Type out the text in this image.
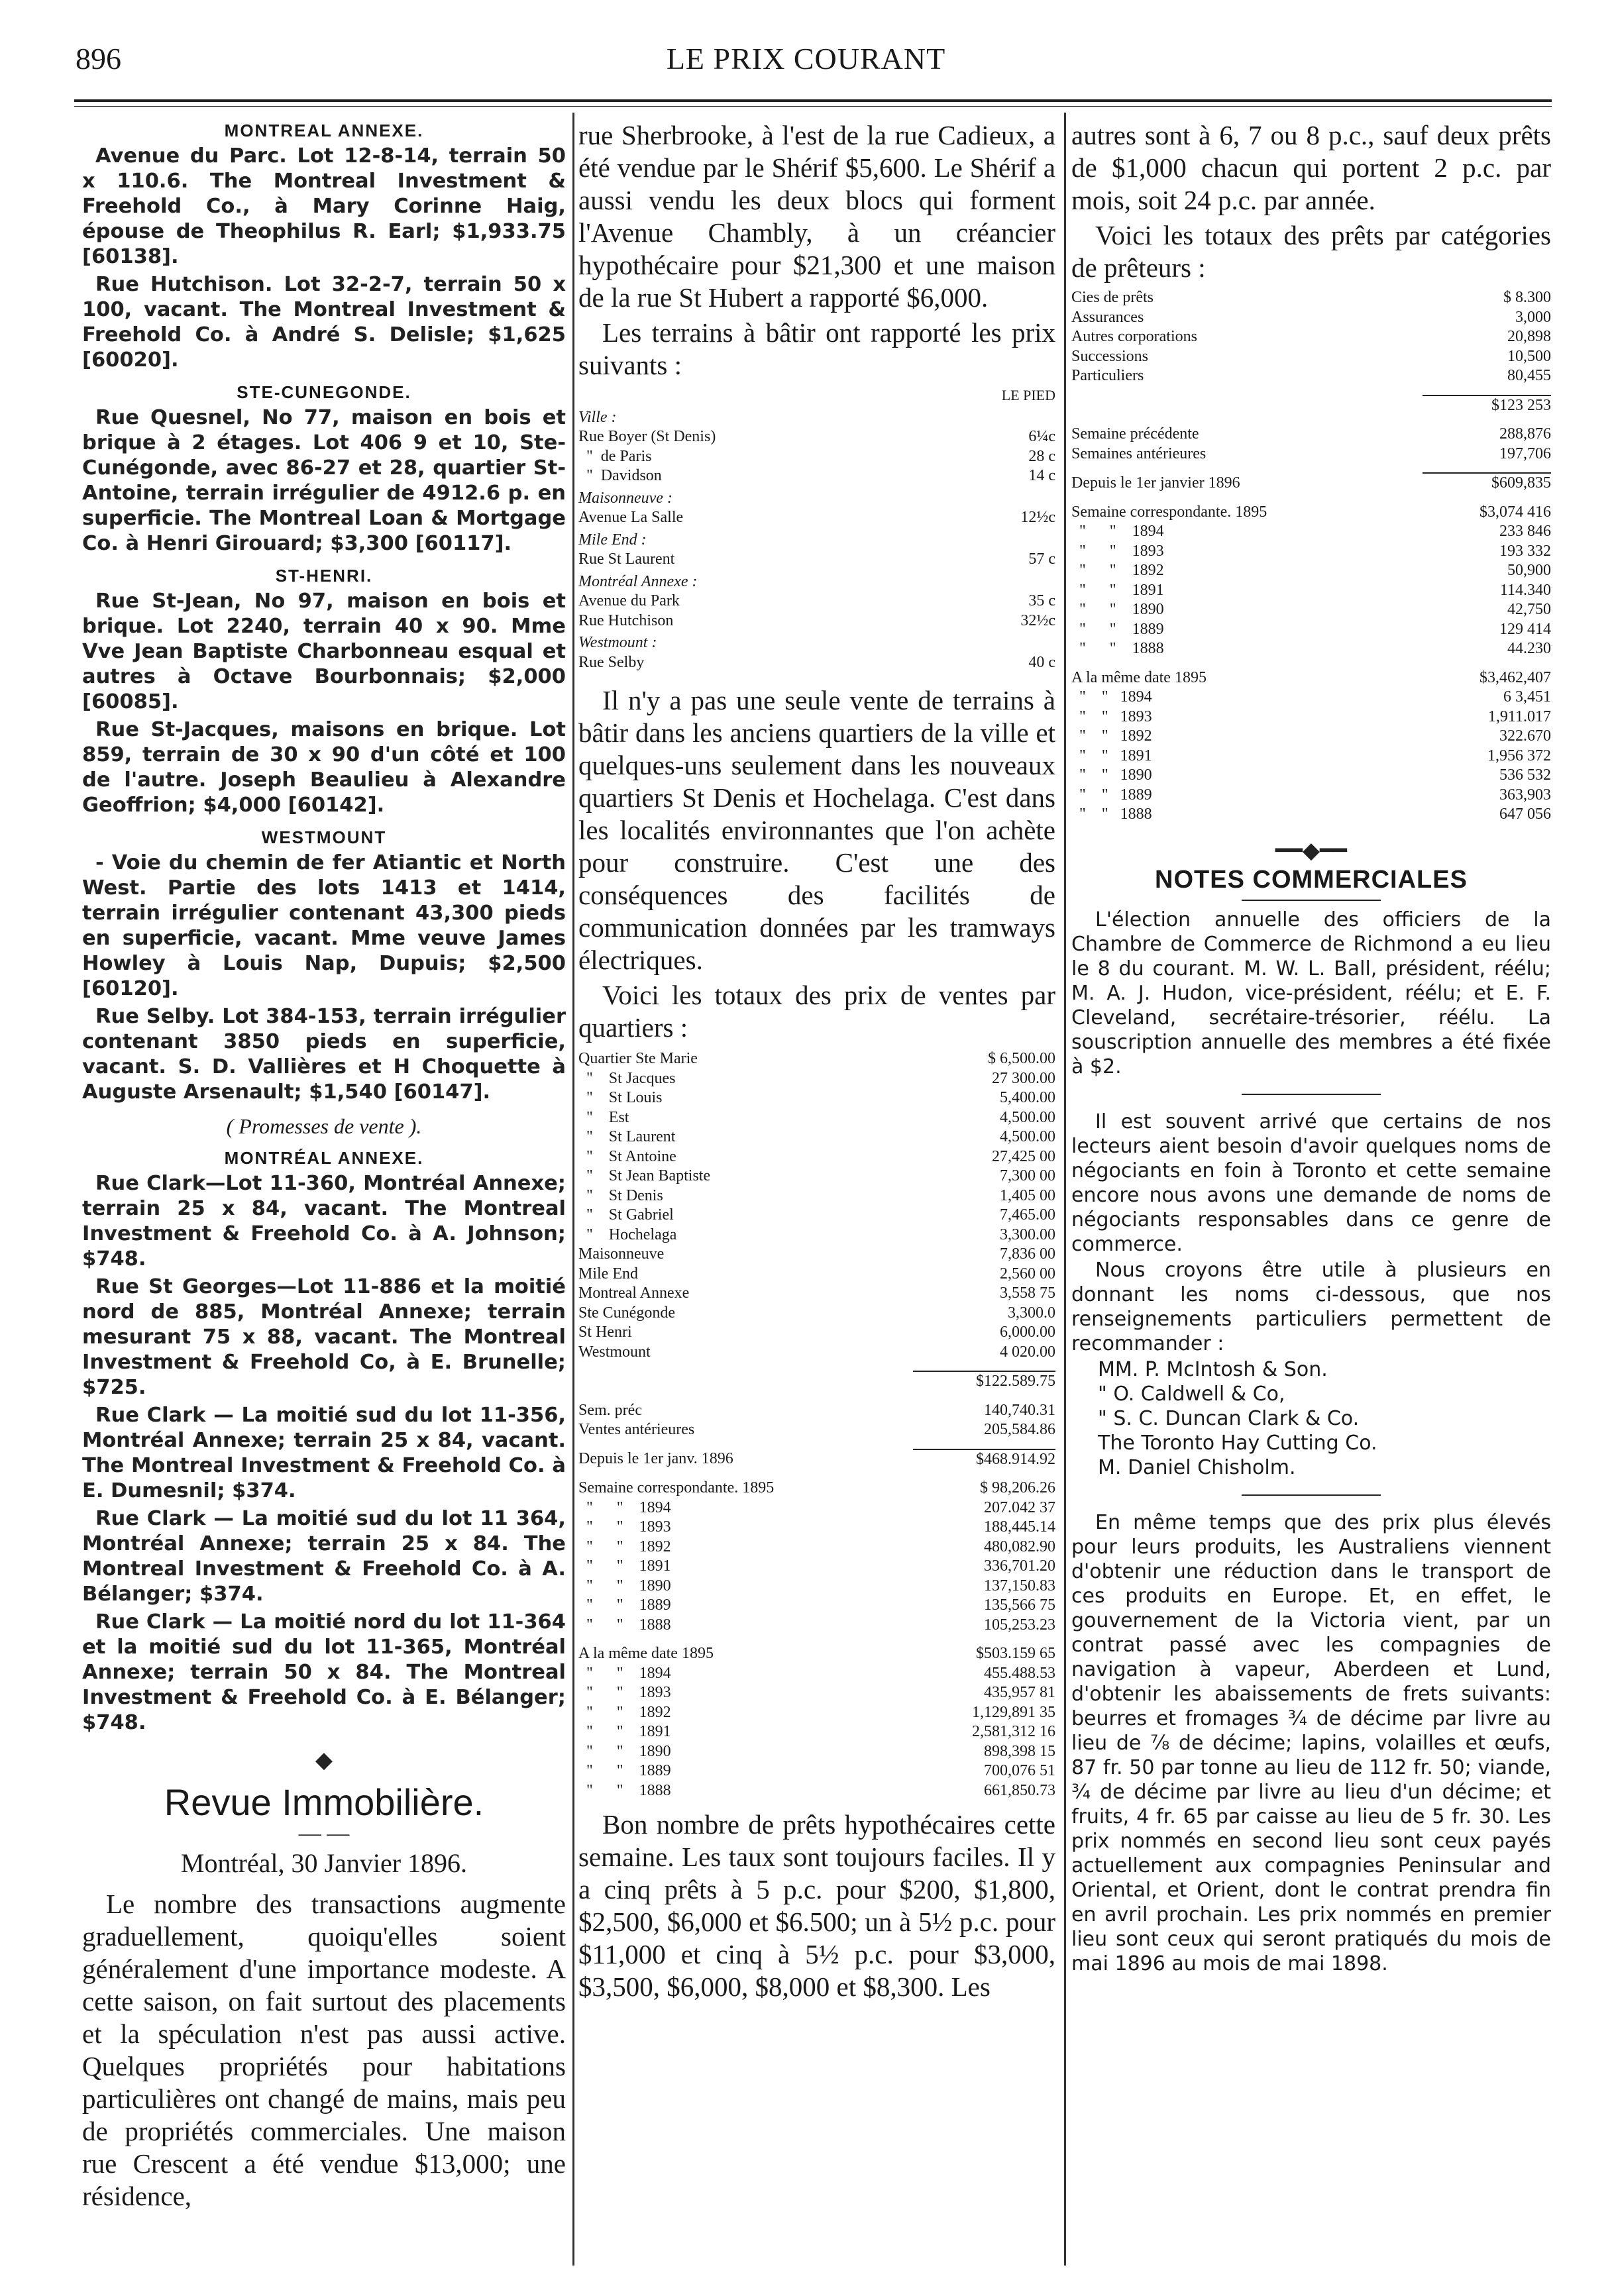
896	LE PRIX COURANT
MONTREAL ANNEXE.

Avenue du Parc. Lot 12-8-14, terrain 50 x 110.6. The Montreal Investment & Freehold Co., à Mary Corinne Haig, épouse de Theophilus R. Earl; $1,933.75 [60138].

Rue Hutchison. Lot 32-2-7, terrain 50 x 100, vacant. The Montreal Investment & Freehold Co. à André S. Delisle; $1,625 [60020].

STE-CUNEGONDE.

Rue Quesnel, No 77, maison en bois et brique à 2 étages. Lot 406 9 et 10, Ste-Cunégonde, avec 86-27 et 28, quartier St-Antoine, terrain irrégulier de 4912.6 p. en superficie. The Montreal Loan & Mortgage Co. à Henri Girouard; $3,300 [60117].

ST-HENRI.

Rue St-Jean, No 97, maison en bois et brique. Lot 2240, terrain 40 x 90. Mme Vve Jean Baptiste Charbonneau esqual et autres à Octave Bourbonnais; $2,000 [60085].

Rue St-Jacques, maisons en brique. Lot 859, terrain de 30 x 90 d'un côté et 100 de l'autre. Joseph Beaulieu à Alexandre Geoffrion; $4,000 [60142].

WESTMOUNT

- Voie du chemin de fer Atiantic et North West. Partie des lots 1413 et 1414, terrain irrégulier contenant 43,300 pieds en superficie, vacant. Mme veuve James Howley à Louis Nap, Dupuis; $2,500 [60120].

Rue Selby. Lot 384-153, terrain irrégulier contenant 3850 pieds en superficie, vacant. S. D. Vallières et H Choquette à Auguste Arsenault; $1,540 [60147].

( Promesses de vente ).
MONTRÉAL ANNEXE.

Rue Clark—Lot 11-360, Montréal Annexe; terrain 25 x 84, vacant. The Montreal Investment & Freehold Co. à A. Johnson; $748.

Rue St Georges—Lot 11-886 et la moitié nord de 885, Montréal Annexe; terrain mesurant 75 x 88, vacant. The Montreal Investment & Freehold Co, à E. Brunelle; $725.

Rue Clark — La moitié sud du lot 11-356, Montréal Annexe; terrain 25 x 84, vacant. The Montreal Investment & Freehold Co. à E. Dumesnil; $374.

Rue Clark — La moitié sud du lot 11 364, Montréal Annexe; terrain 25 x 84. The Montreal Investment & Freehold Co. à A. Bélanger; $374.

Rue Clark — La moitié nord du lot 11-364 et la moitié sud du lot 11-365, Montréal Annexe; terrain 50 x 84. The Montreal Investment & Freehold Co. à E. Bélanger; $748.

◆
Revue Immobilière.
— —
Montréal, 30 Janvier 1896.

Le nombre des transactions augmente graduellement, quoiqu'elles soient généralement d'une importance modeste. A cette saison, on fait surtout des placements et la spéculation n'est pas aussi active. Quelques propriétés pour habitations particulières ont changé de mains, mais peu de propriétés commerciales. Une maison rue Crescent a été vendue $13,000; une résidence,

rue Sherbrooke, à l'est de la rue Cadieux, a été vendue par le Shérif $5,600. Le Shérif a aussi vendu les deux blocs qui forment l'Avenue Chambly, à un créancier hypothécaire pour $21,300 et une maison de la rue St Hubert a rapporté $6,000.

Les terrains à bâtir ont rapporté les prix suivants :

	LE PIED
Ville :	
Rue Boyer (St Denis)	6¼c
"  de Paris	28 c
"  Davidson	14 c
Maisonneuve :	
Avenue La Salle	12½c
Mile End :	
Rue St Laurent	57 c
Montréal Annexe :	
Avenue du Park	35 c
Rue Hutchison	32½c
Westmount :	
Rue Selby	40 c

Il n'y a pas une seule vente de terrains à bâtir dans les anciens quartiers de la ville et quelques-uns seulement dans les nouveaux quartiers St Denis et Hochelaga. C'est dans les localités environnantes que l'on achète pour construire. C'est une des conséquences des facilités de communication données par les tramways électriques.

Voici les totaux des prix de ventes par quartiers :

Quartier Ste Marie	$ 6,500.00
"    St Jacques	27 300.00
"    St Louis	5,400.00
"    Est	4,500.00
"    St Laurent	4,500.00
"    St Antoine	27,425 00
"    St Jean Baptiste	7,300 00
"    St Denis	1,405 00
"    St Gabriel	7,465.00
"    Hochelaga	3,300.00
Maisonneuve	7,836 00
Mile End	2,560 00
Montreal Annexe	3,558 75
Ste Cunégonde	3,300.0
St Henri	6,000.00
Westmount	4 020.00

	$122.589.75

Sem. préc	140,740.31
Ventes antérieures	205,584.86

Depuis le 1er janv. 1896	$468.914.92

Semaine correspondante. 1895	$ 98,206.26
"      "    1894	207.042 37
"      "    1893	188,445.14
"      "    1892	480,082.90
"      "    1891	336,701.20
"      "    1890	137,150.83
"      "    1889	135,566 75
"      "    1888	105,253.23

A la même date 1895	$503.159 65
"      "    1894	455.488.53
"      "    1893	435,957 81
"      "    1892	1,129,891 35
"      "    1891	2,581,312 16
"      "    1890	898,398 15
"      "    1889	700,076 51
"      "    1888	661,850.73

Bon nombre de prêts hypothécaires cette semaine. Les taux sont toujours faciles. Il y a cinq prêts à 5 p.c. pour $200, $1,800, $2,500, $6,000 et $6.500; un à 5½ p.c. pour $11,000 et cinq à 5½ p.c. pour $3,000, $3,500, $6,000, $8,000 et $8,300. Les

autres sont à 6, 7 ou 8 p.c., sauf deux prêts de $1,000 chacun qui portent 2 p.c. par mois, soit 24 p.c. par année.

Voici les totaux des prêts par catégories de prêteurs :

Cies de prêts	$ 8.300
Assurances	3,000
Autres corporations	20,898
Successions	10,500
Particuliers	80,455

	$123 253

Semaine précédente	288,876
Semaines antérieures	197,706

Depuis le 1er janvier 1896	$609,835

Semaine correspondante. 1895	$3,074 416
"      "    1894	233 846
"      "    1893	193 332
"      "    1892	50,900
"      "    1891	114.340
"      "    1890	42,750
"      "    1889	129 414
"      "    1888	44.230

A la même date 1895	$3,462,407
"    "   1894	6 3,451
"    "   1893	1,911.017
"    "   1892	322.670
"    "   1891	1,956 372
"    "   1890	536 532
"    "   1889	363,903
"    "   1888	647 056
━━◆━━
NOTES COMMERCIALES

L'élection annuelle des officiers de la Chambre de Commerce de Richmond a eu lieu le 8 du courant. M. W. L. Ball, président, réélu; M. A. J. Hudon, vice-président, réélu; et E. F. Cleveland, secrétaire-trésorier, réélu. La souscription annuelle des membres a été fixée à $2.

Il est souvent arrivé que certains de nos lecteurs aient besoin d'avoir quelques noms de négociants en foin à Toronto et cette semaine encore nous avons une demande de noms de négociants responsables dans ce genre de commerce.

Nous croyons être utile à plusieurs en donnant les noms ci-dessous, que nos renseignements particuliers permettent de recommander :

MM. P. McIntosh & Son.
" O. Caldwell & Co,
" S. C. Duncan Clark & Co.
The Toronto Hay Cutting Co.
M. Daniel Chisholm.

En même temps que des prix plus élevés pour leurs produits, les Australiens viennent d'obtenir une réduction dans le transport de ces produits en Europe. Et, en effet, le gouvernement de la Victoria vient, par un contrat passé avec les compagnies de navigation à vapeur, Aberdeen et Lund, d'obtenir les abaissements de frets suivants: beurres et fromages ¾ de décime par livre au lieu de ⅞ de décime; lapins, volailles et œufs, 87 fr. 50 par tonne au lieu de 112 fr. 50; viande, ¾ de décime par livre au lieu d'un décime; et fruits, 4 fr. 65 par caisse au lieu de 5 fr. 30. Les prix nommés en second lieu sont ceux payés actuellement aux compagnies Peninsular and Oriental, et Orient, dont le contrat prendra fin en avril prochain. Les prix nommés en premier lieu sont ceux qui seront pratiqués du mois de mai 1896 au mois de mai 1898.
